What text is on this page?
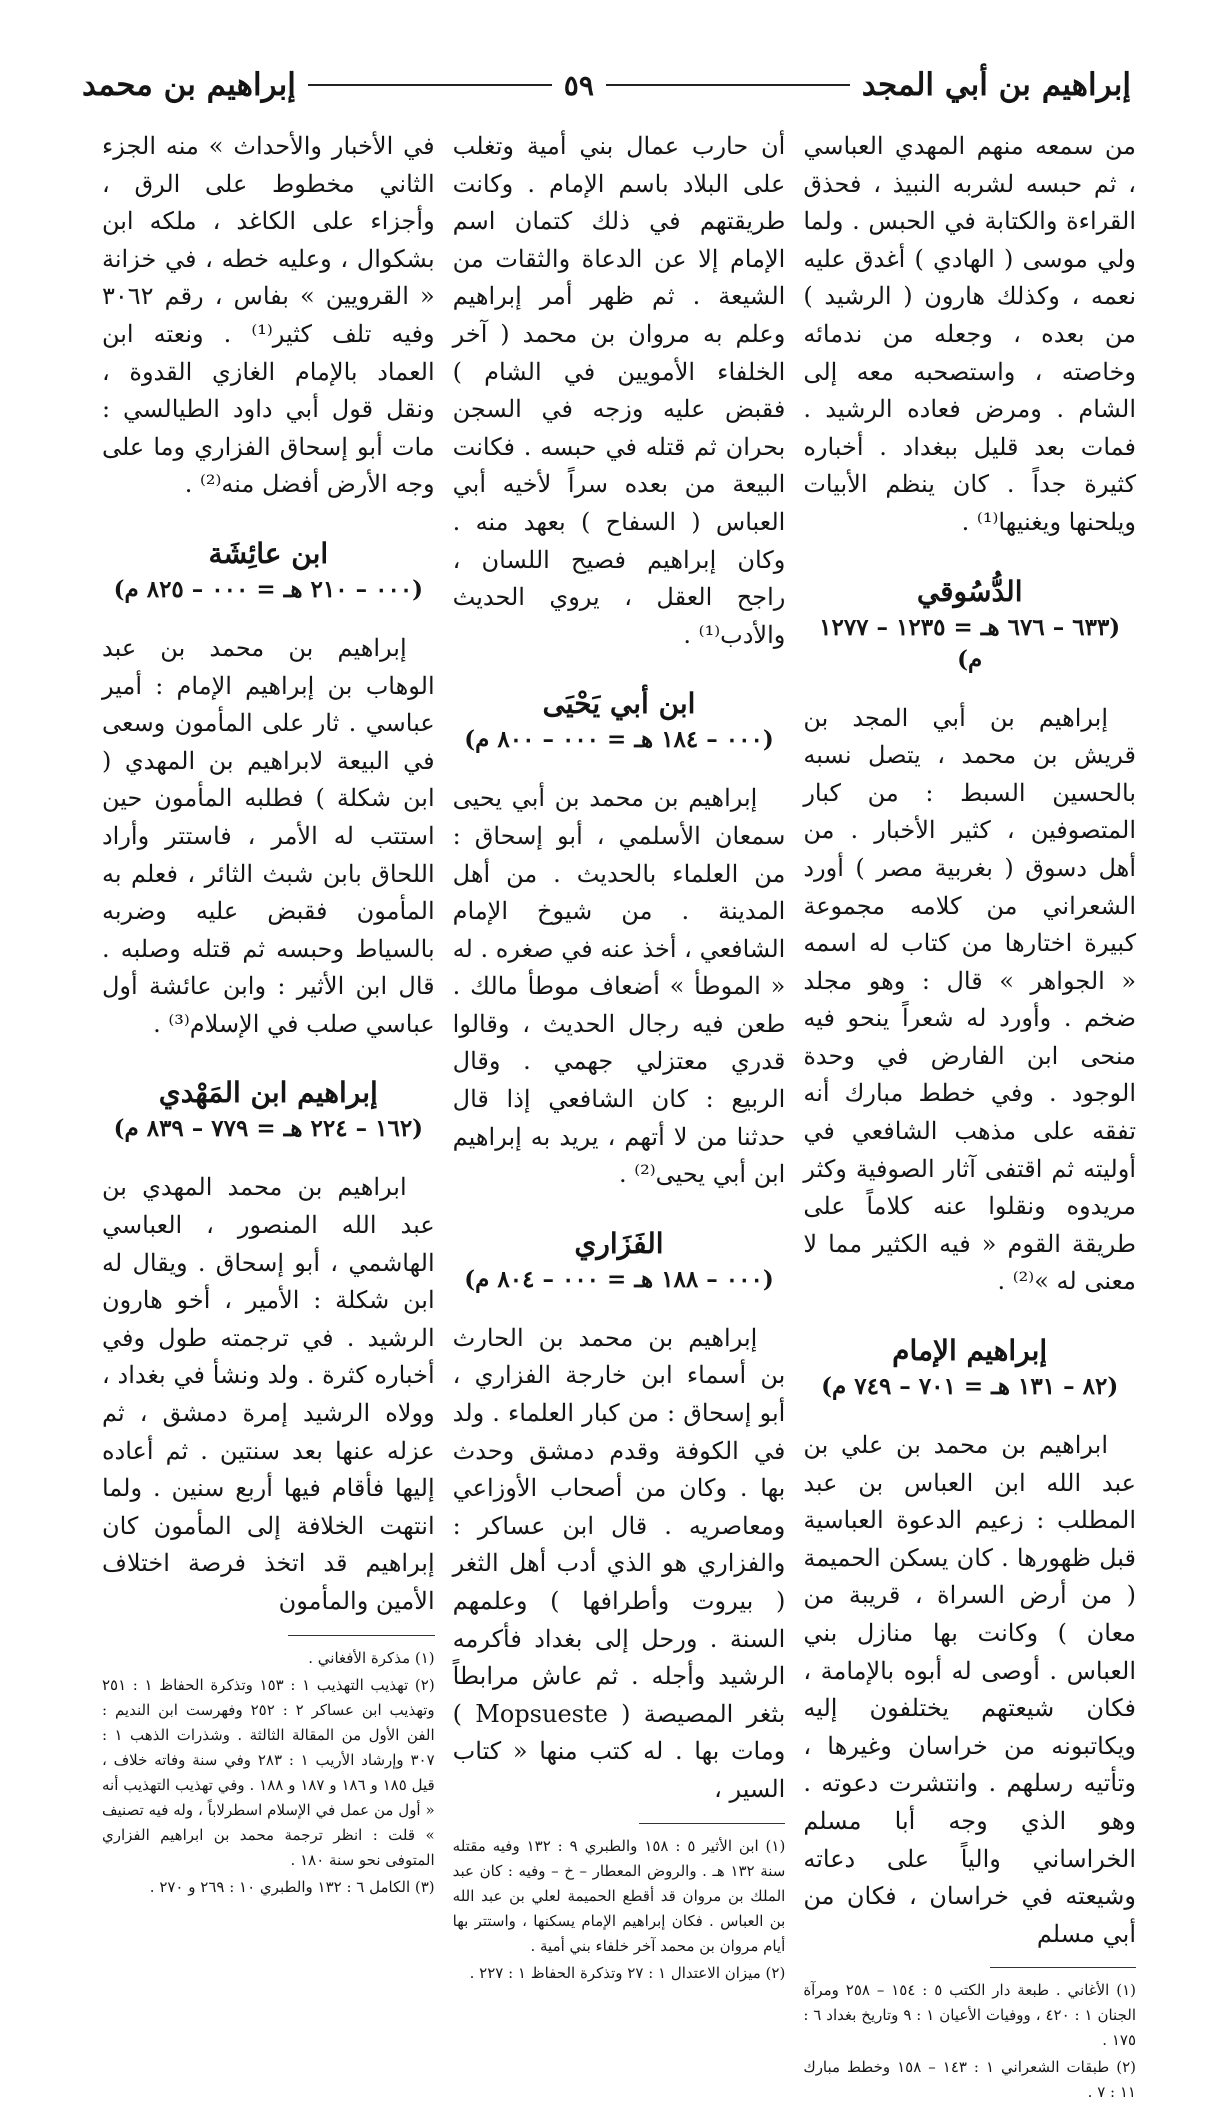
إبراهيم بن أبي المجد
٥٩
إبراهيم بن محمد

من سمعه منهم المهدي العباسي ، ثم حبسه لشربه النبيذ ، فحذق القراءة والكتابة في الحبس . ولما ولي موسى ( الهادي ) أغدق عليه نعمه ، وكذلك هارون ( الرشيد ) من بعده ، وجعله من ندمائه وخاصته ، واستصحبه معه إلى الشام . ومرض فعاده الرشيد . فمات بعد قليل ببغداد . أخباره كثيرة جداً . كان ينظم الأبيات ويلحنها ويغنيها⁽¹⁾ .

الدُّسُوقي
(٦٣٣ – ٦٧٦ هـ = ١٢٣٥ – ١٢٧٧ م)

إبراهيم بن أبي المجد بن قريش بن محمد ، يتصل نسبه بالحسين السبط : من كبار المتصوفين ، كثير الأخبار . من أهل دسوق ( بغربية مصر ) أورد الشعراني من كلامه مجموعة كبيرة اختارها من كتاب له اسمه « الجواهر » قال : وهو مجلد ضخم . وأورد له شعراً ينحو فيه منحى ابن الفارض في وحدة الوجود . وفي خطط مبارك أنه تفقه على مذهب الشافعي في أوليته ثم اقتفى آثار الصوفية وكثر مريدوه ونقلوا عنه كلاماً على طريقة القوم « فيه الكثير مما لا معنى له »⁽²⁾ .

إبراهيم الإمام
(٨٢ – ١٣١ هـ = ٧٠١ – ٧٤٩ م)

ابراهيم بن محمد بن علي بن عبد الله ابن العباس بن عبد المطلب : زعيم الدعوة العباسية قبل ظهورها . كان يسكن الحميمة ( من أرض السراة ، قريبة من معان ) وكانت بها منازل بني العباس . أوصى له أبوه بالإمامة ، فكان شيعتهم يختلفون إليه ويكاتبونه من خراسان وغيرها ، وتأتيه رسلهم . وانتشرت دعوته . وهو الذي وجه أبا مسلم الخراساني والياً على دعاته وشيعته في خراسان ، فكان من أبي مسلم

(١) الأغاني . طبعة دار الكتب ٥ : ١٥٤ – ٢٥٨ ومرآة الجنان ١ : ٤٢٠ ، ووفيات الأعيان ١ : ٩ وتاريخ بغداد ٦ : ١٧٥ .
(٢) طبقات الشعراني ١ : ١٤٣ – ١٥٨ وخطط مبارك ١١ : ٧ .

أن حارب عمال بني أمية وتغلب على البلاد باسم الإمام . وكانت طريقتهم في ذلك كتمان اسم الإمام إلا عن الدعاة والثقات من الشيعة . ثم ظهر أمر إبراهيم وعلم به مروان بن محمد ( آخر الخلفاء الأمويين في الشام ) فقبض عليه وزجه في السجن بحران ثم قتله في حبسه . فكانت البيعة من بعده سراً لأخيه أبي العباس ( السفاح ) بعهد منه . وكان إبراهيم فصيح اللسان ، راجح العقل ، يروي الحديث والأدب⁽¹⁾ .

ابن أبي يَحْيَى
(٠٠٠ – ١٨٤ هـ = ٠٠٠ – ٨٠٠ م)

إبراهيم بن محمد بن أبي يحيى سمعان الأسلمي ، أبو إسحاق : من العلماء بالحديث . من أهل المدينة . من شيوخ الإمام الشافعي ، أخذ عنه في صغره . له « الموطأ » أضعاف موطأ مالك . طعن فيه رجال الحديث ، وقالوا قدري معتزلي جهمي . وقال الربيع : كان الشافعي إذا قال حدثنا من لا أتهم ، يريد به إبراهيم ابن أبي يحيى⁽²⁾ .

الفَزَاري
(٠٠٠ – ١٨٨ هـ = ٠٠٠ – ٨٠٤ م)

إبراهيم بن محمد بن الحارث بن أسماء ابن خارجة الفزاري ، أبو إسحاق : من كبار العلماء . ولد في الكوفة وقدم دمشق وحدث بها . وكان من أصحاب الأوزاعي ومعاصريه . قال ابن عساكر : والفزاري هو الذي أدب أهل الثغر ( بيروت وأطرافها ) وعلمهم السنة . ورحل إلى بغداد فأكرمه الرشيد وأجله . ثم عاش مرابطاً بثغر المصيصة ( Mopsueste ) ومات بها . له كتب منها « كتاب السير ،

(١) ابن الأثير ٥ : ١٥٨ والطبري ٩ : ١٣٢ وفيه مقتله سنة ١٣٢ هـ . والروض المعطار – خ – وفيه : كان عبد الملك بن مروان قد أقطع الحميمة لعلي بن عبد الله بن العباس . فكان إبراهيم الإمام يسكنها ، واستتر بها أيام مروان بن محمد آخر خلفاء بني أمية .
(٢) ميزان الاعتدال ١ : ٢٧ وتذكرة الحفاظ ١ : ٢٢٧ .

في الأخبار والأحداث » منه الجزء الثاني مخطوط على الرق ، وأجزاء على الكاغد ، ملكه ابن بشكوال ، وعليه خطه ، في خزانة « القرويين » بفاس ، رقم ٣٠٦٢ وفيه تلف كثير⁽¹⁾ . ونعته ابن العماد بالإمام الغازي القدوة ، ونقل قول أبي داود الطيالسي : مات أبو إسحاق الفزاري وما على وجه الأرض أفضل منه⁽²⁾ .

ابن عائِشَة
(٠٠٠ – ٢١٠ هـ = ٠٠٠ – ٨٢٥ م)

إبراهيم بن محمد بن عبد الوهاب بن إبراهيم الإمام : أمير عباسي . ثار على المأمون وسعى في البيعة لابراهيم بن المهدي ( ابن شكلة ) فطلبه المأمون حين استتب له الأمر ، فاستتر وأراد اللحاق بابن شبث الثائر ، فعلم به المأمون فقبض عليه وضربه بالسياط وحبسه ثم قتله وصلبه . قال ابن الأثير : وابن عائشة أول عباسي صلب في الإسلام⁽³⁾ .

إبراهيم ابن المَهْدي
(١٦٢ – ٢٢٤ هـ = ٧٧٩ – ٨٣٩ م)

ابراهيم بن محمد المهدي بن عبد الله المنصور ، العباسي الهاشمي ، أبو إسحاق . ويقال له ابن شكلة : الأمير ، أخو هارون الرشيد . في ترجمته طول وفي أخباره كثرة . ولد ونشأ في بغداد ، وولاه الرشيد إمرة دمشق ، ثم عزله عنها بعد سنتين . ثم أعاده إليها فأقام فيها أربع سنين . ولما انتهت الخلافة إلى المأمون كان إبراهيم قد اتخذ فرصة اختلاف الأمين والمأمون

(١) مذكرة الأفغاني .
(٢) تهذيب التهذيب ١ : ١٥٣ وتذكرة الحفاظ ١ : ٢٥١ وتهذيب ابن عساكر ٢ : ٢٥٢ وفهرست ابن النديم : الفن الأول من المقالة الثالثة . وشذرات الذهب ١ : ٣٠٧ وإرشاد الأريب ١ : ٢٨٣ وفي سنة وفاته خلاف ، قيل ١٨٥ و ١٨٦ و ١٨٧ و ١٨٨ . وفي تهذيب التهذيب أنه « أول من عمل في الإسلام اسطرلاباً ، وله فيه تصنيف » قلت : انظر ترجمة محمد بن ابراهيم الفزاري المتوفى نحو سنة ١٨٠ .
(٣) الكامل ٦ : ١٣٢ والطبري ١٠ : ٢٦٩ و ٢٧٠ .
